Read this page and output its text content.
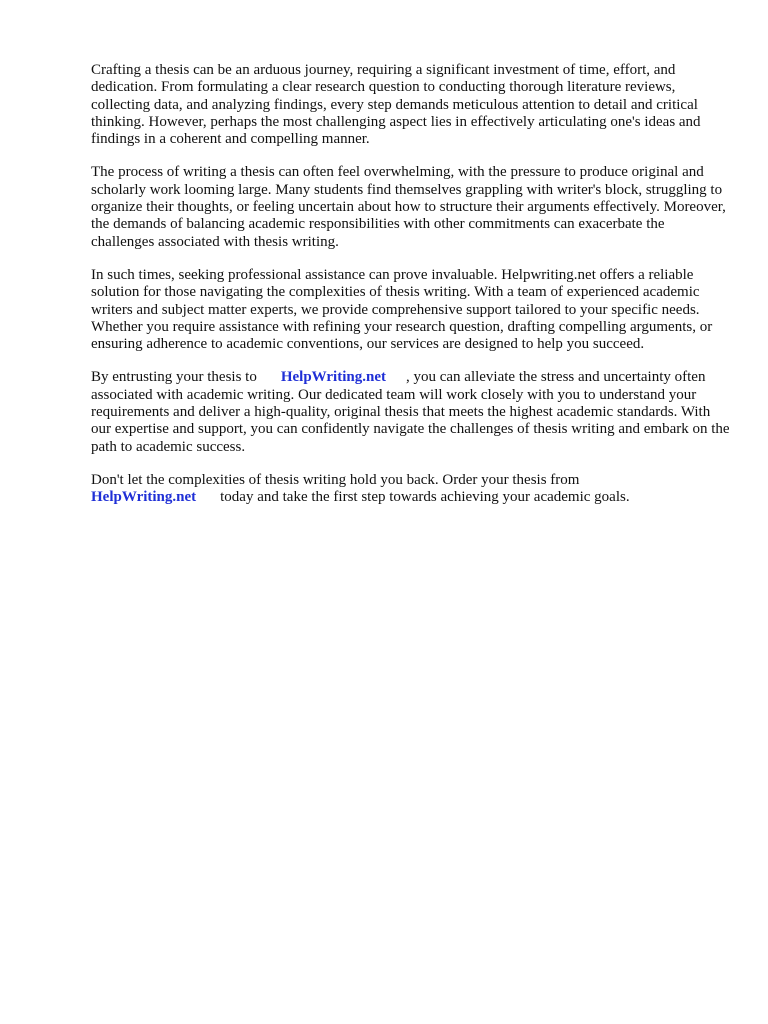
Crafting a thesis can be an arduous journey, requiring a significant investment of time, effort, and dedication. From formulating a clear research question to conducting thorough literature reviews, collecting data, and analyzing findings, every step demands meticulous attention to detail and critical thinking. However, perhaps the most challenging aspect lies in effectively articulating one's ideas and findings in a coherent and compelling manner.

The process of writing a thesis can often feel overwhelming, with the pressure to produce original and scholarly work looming large. Many students find themselves grappling with writer's block, struggling to organize their thoughts, or feeling uncertain about how to structure their arguments effectively. Moreover, the demands of balancing academic responsibilities with other commitments can exacerbate the challenges associated with thesis writing.

In such times, seeking professional assistance can prove invaluable. Helpwriting.net offers a reliable solution for those navigating the complexities of thesis writing. With a team of experienced academic writers and subject matter experts, we provide comprehensive support tailored to your specific needs. Whether you require assistance with refining your research question, drafting compelling arguments, or ensuring adherence to academic conventions, our services are designed to help you succeed.

By entrusting your thesis to HelpWriting.net , you can alleviate the stress and uncertainty often associated with academic writing. Our dedicated team will work closely with you to understand your requirements and deliver a high-quality, original thesis that meets the highest academic standards. With our expertise and support, you can confidently navigate the challenges of thesis writing and embark on the path to academic success.

Don't let the complexities of thesis writing hold you back. Order your thesis from
HelpWriting.net today and take the first step towards achieving your academic goals.
